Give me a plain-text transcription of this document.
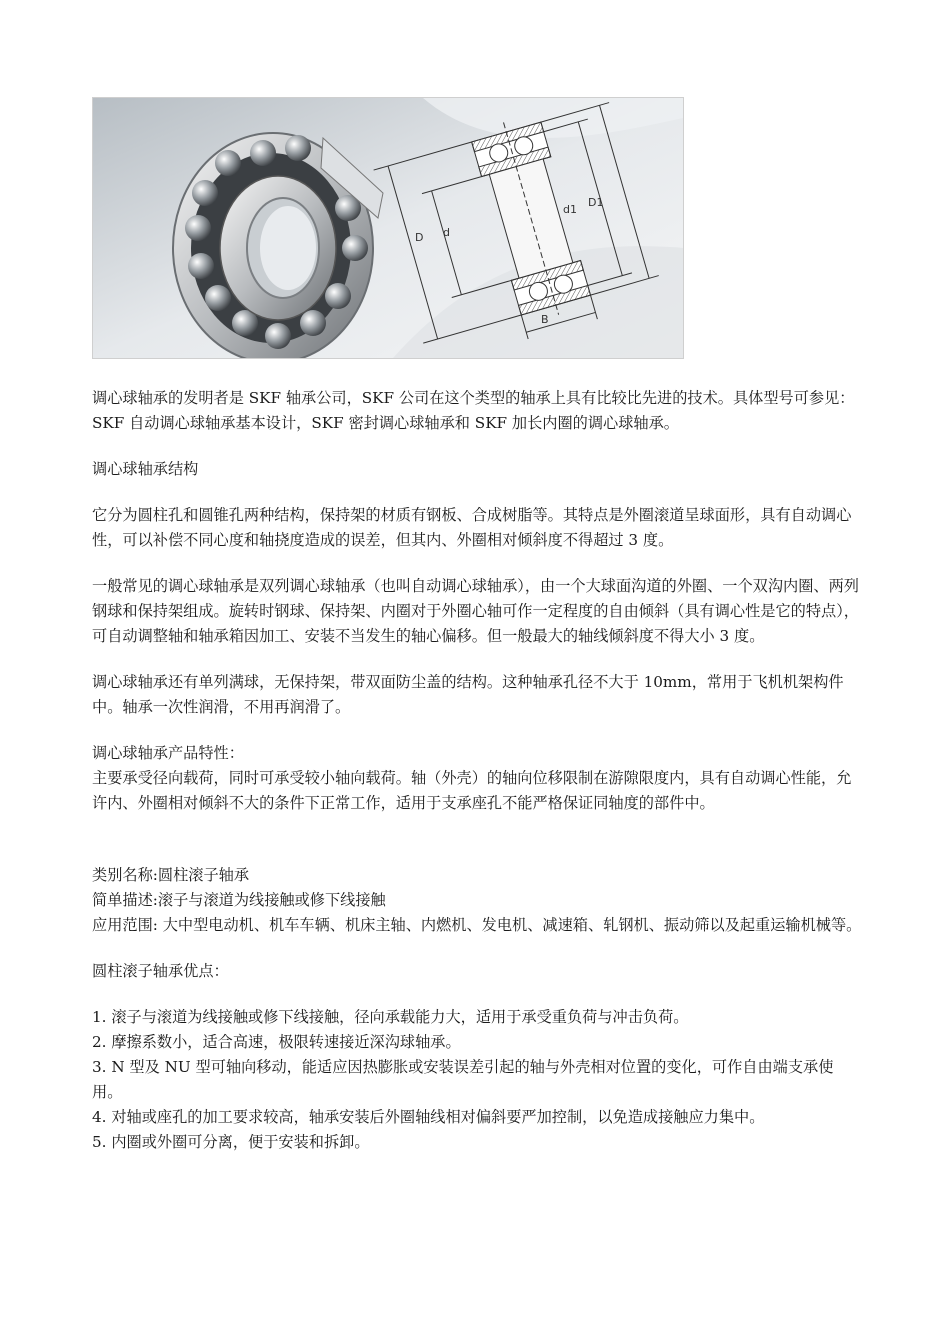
D d
d1
D1
B

调心球轴承的发明者是 SKF 轴承公司，SKF 公司在这个类型的轴承上具有比较比先进的技术。具体型号可参见：SKF 自动调心球轴承基本设计，SKF 密封调心球轴承和 SKF 加长内圈的调心球轴承。

调心球轴承结构

它分为圆柱孔和圆锥孔两种结构，保持架的材质有钢板、合成树脂等。其特点是外圈滚道呈球面形，具有自动调心性，可以补偿不同心度和轴挠度造成的误差，但其内、外圈相对倾斜度不得超过 3 度。

一般常见的调心球轴承是双列调心球轴承（也叫自动调心球轴承），由一个大球面沟道的外圈、一个双沟内圈、两列钢球和保持架组成。旋转时钢球、保持架、内圈对于外圈心轴可作一定程度的自由倾斜（具有调心性是它的特点），可自动调整轴和轴承箱因加工、安装不当发生的轴心偏移。但一般最大的轴线倾斜度不得大小 3 度。

调心球轴承还有单列满球，无保持架，带双面防尘盖的结构。这种轴承孔径不大于 10mm，常用于飞机机架构件中。轴承一次性润滑，不用再润滑了。

调心球轴承产品特性：

主要承受径向载荷，同时可承受较小轴向载荷。轴（外壳）的轴向位移限制在游隙限度内，具有自动调心性能，允许内、外圈相对倾斜不大的条件下正常工作，适用于支承座孔不能严格保证同轴度的部件中。

类别名称:圆柱滚子轴承

简单描述:滚子与滚道为线接触或修下线接触

应用范围: 大中型电动机、机车车辆、机床主轴、内燃机、发电机、减速箱、轧钢机、振动筛以及起重运输机械等。

圆柱滚子轴承优点：

1. 滚子与滚道为线接触或修下线接触，径向承载能力大，适用于承受重负荷与冲击负荷。

2. 摩擦系数小，适合高速，极限转速接近深沟球轴承。

3. N 型及 NU 型可轴向移动，能适应因热膨胀或安装误差引起的轴与外壳相对位置的变化，可作自由端支承使用。

4. 对轴或座孔的加工要求较高，轴承安装后外圈轴线相对偏斜要严加控制，以免造成接触应力集中。

5. 内圈或外圈可分离，便于安装和拆卸。
